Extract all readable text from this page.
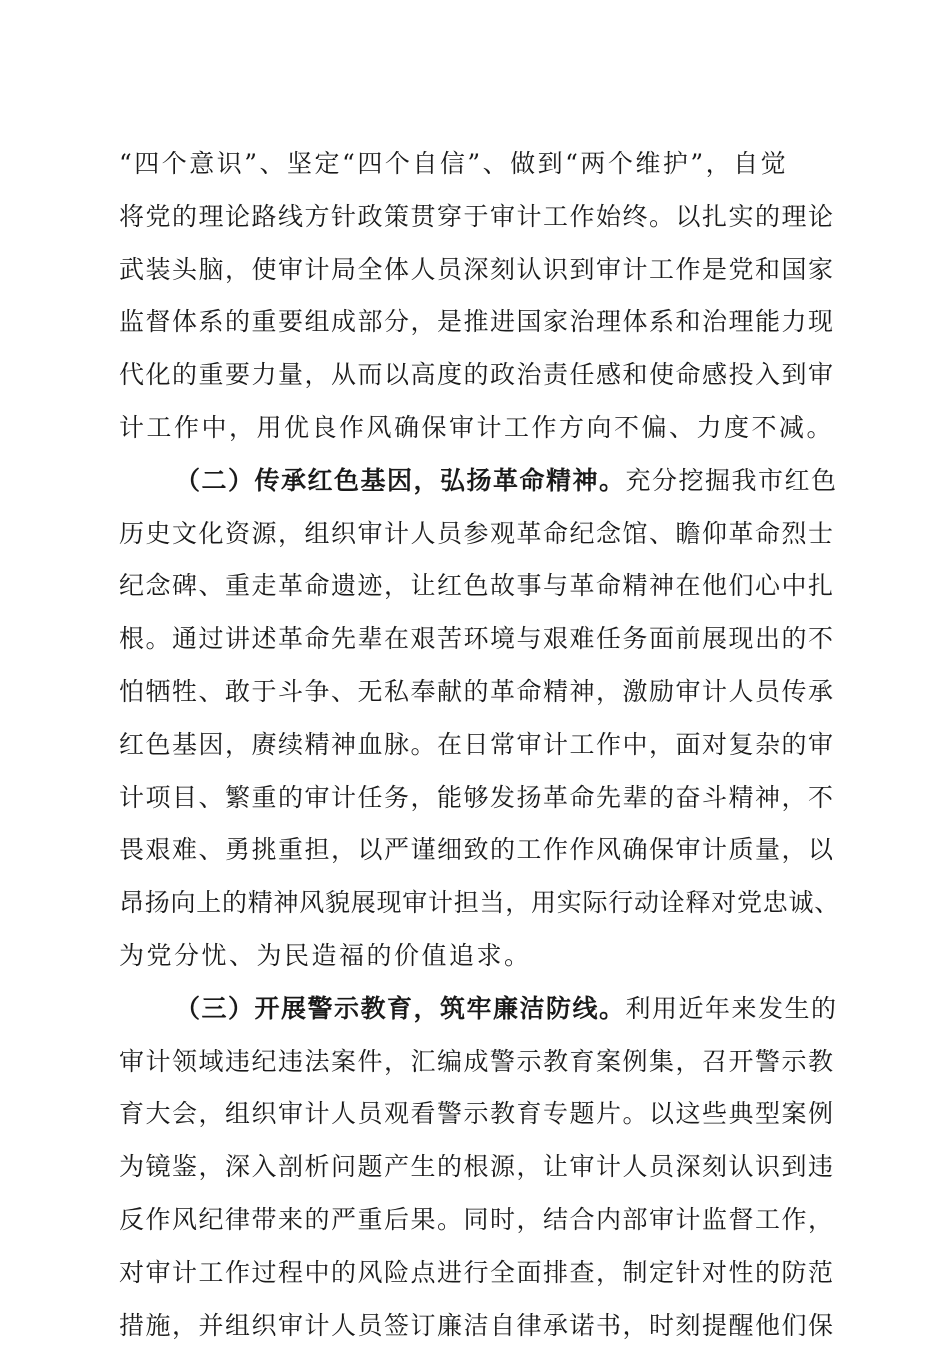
“四个意识”、坚定“四个自信”、做到“两个维护”，自觉
将党的理论路线方针政策贯穿于审计工作始终。以扎实的理论
武装头脑，使审计局全体人员深刻认识到审计工作是党和国家
监督体系的重要组成部分，是推进国家治理体系和治理能力现
代化的重要力量，从而以高度的政治责任感和使命感投入到审
计工作中，用优良作风确保审计工作方向不偏、力度不减。
（二）传承红色基因，弘扬革命精神。充分挖掘我市红色
历史文化资源，组织审计人员参观革命纪念馆、瞻仰革命烈士
纪念碑、重走革命遗迹，让红色故事与革命精神在他们心中扎
根。通过讲述革命先辈在艰苦环境与艰难任务面前展现出的不
怕牺牲、敢于斗争、无私奉献的革命精神，激励审计人员传承
红色基因，赓续精神血脉。在日常审计工作中，面对复杂的审
计项目、繁重的审计任务，能够发扬革命先辈的奋斗精神，不
畏艰难、勇挑重担，以严谨细致的工作作风确保审计质量，以
昂扬向上的精神风貌展现审计担当，用实际行动诠释对党忠诚、
为党分忧、为民造福的价值追求。
（三）开展警示教育，筑牢廉洁防线。利用近年来发生的
审计领域违纪违法案件，汇编成警示教育案例集，召开警示教
育大会，组织审计人员观看警示教育专题片。以这些典型案例
为镜鉴，深入剖析问题产生的根源，让审计人员深刻认识到违
反作风纪律带来的严重后果。同时，结合内部审计监督工作，
对审计工作过程中的风险点进行全面排查，制定针对性的防范
措施，并组织审计人员签订廉洁自律承诺书，时刻提醒他们保
